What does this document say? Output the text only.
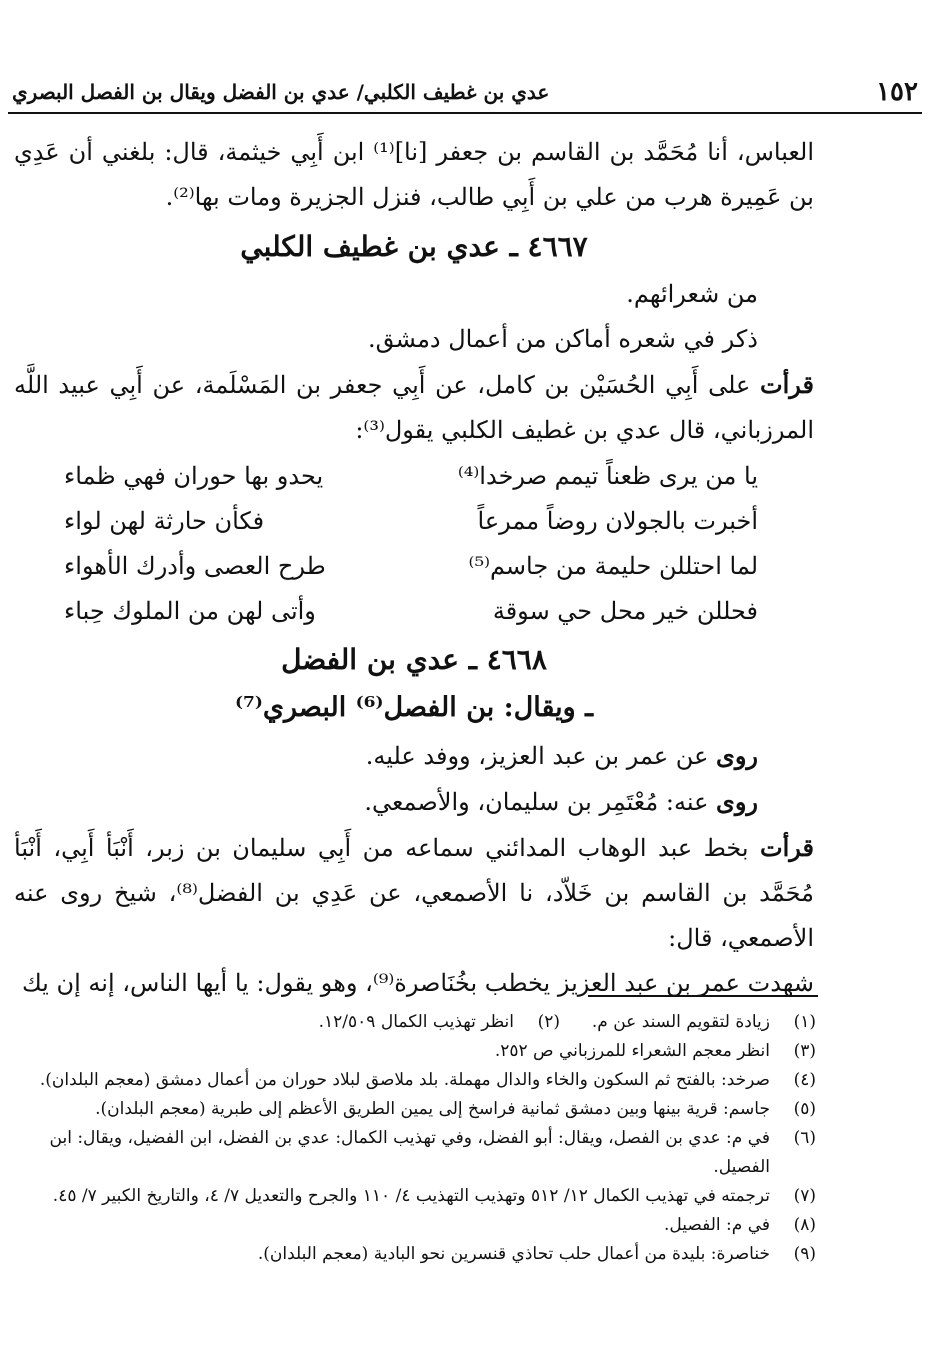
١٥٢
عدي بن غطيف الكلبي/ عدي بن الفضل ويقال بن الفصل البصري

العباس، أنا مُحَمَّد بن القاسم بن جعفر [نا]⁽¹⁾ ابن أَبِي خيثمة، قال: بلغني أن عَدِي بن عَمِيرة هرب من علي بن أَبِي طالب، فنزل الجزيرة ومات بها⁽²⁾.

٤٦٦٧ ـ عدي بن غطيف الكلبي

من شعرائهم.

ذكر في شعره أماكن من أعمال دمشق.

قرأت على أَبِي الحُسَيْن بن كامل، عن أَبِي جعفر بن المَسْلَمة، عن أَبِي عبيد اللَّه المرزباني، قال عدي بن غطيف الكلبي يقول⁽³⁾:

يا من يرى ظعناً تيمم صرخدا⁽⁴⁾
يحدو بها حوران فهي ظماء
أخبرت بالجولان روضاً ممرعاً
فكأن حارثة لهن لواء
لما احتللن حليمة من جاسم⁽⁵⁾
طرح العصى وأدرك الأهواء
فحللن خير محل حي سوقة
وأتى لهن من الملوك حِباء
٤٦٦٨ ـ عدي بن الفضل
ـ ويقال: بن الفصل⁽⁶⁾ البصري⁽⁷⁾

روى عن عمر بن عبد العزيز، ووفد عليه.

روى عنه: مُعْتَمِر بن سليمان، والأصمعي.

قرأت بخط عبد الوهاب المدائني سماعه من أَبِي سليمان بن زبر، أَنْبَأ أَبِي، أَنْبَأ مُحَمَّد بن القاسم بن خَلاّد، نا الأصمعي، عن عَدِي بن الفضل⁽⁸⁾، شيخ روى عنه الأصمعي، قال:

شهدت عمر بن عبد العزيز يخطب بخُنَاصرة⁽⁹⁾، وهو يقول: يا أيها الناس، إنه إن يك

(١)
زيادة لتقويم السند عن م.
(٢)
انظر تهذيب الكمال ١٢/٥٠٩.
(٣)
انظر معجم الشعراء للمرزباني ص ٢٥٢.
(٤)
صرخد: بالفتح ثم السكون والخاء والدال مهملة. بلد ملاصق لبلاد حوران من أعمال دمشق (معجم البلدان).
(٥)
جاسم: قرية بينها وبين دمشق ثمانية فراسخ إلى يمين الطريق الأعظم إلى طبرية (معجم البلدان).
(٦)
في م: عدي بن الفصل، ويقال: أبو الفضل، وفي تهذيب الكمال: عدي بن الفضل، ابن الفضيل، ويقال: ابن الفصيل.
(٧)
ترجمته في تهذيب الكمال ١٢/ ٥١٢ وتهذيب التهذيب ٤/ ١١٠ والجرح والتعديل ٧/ ٤، والتاريخ الكبير ٧/ ٤٥.
(٨)
في م: الفصيل.
(٩)
خناصرة: بليدة من أعمال حلب تحاذي قنسرين نحو البادية (معجم البلدان).
